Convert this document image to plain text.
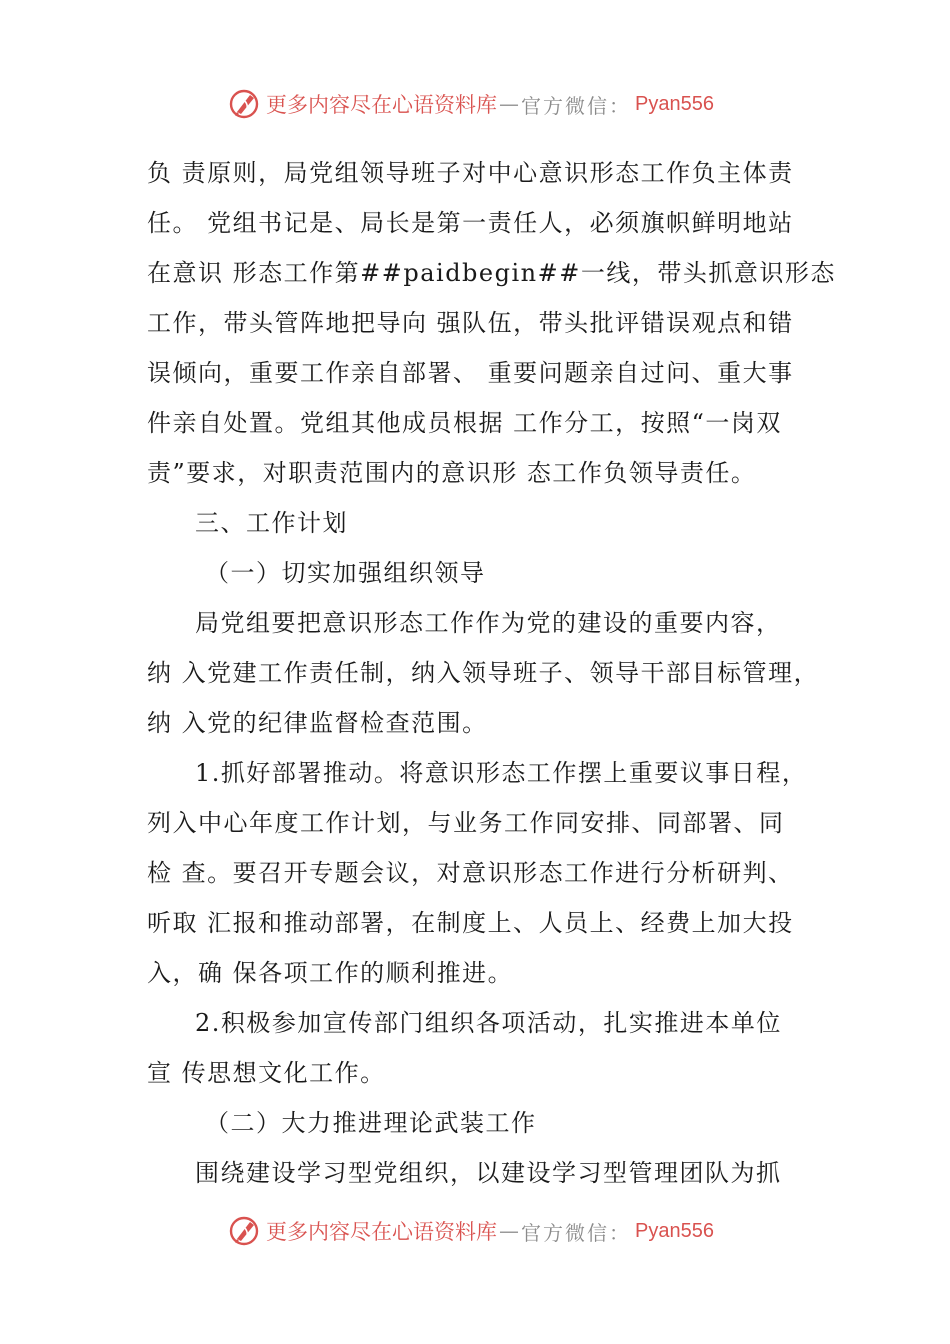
更多内容尽在心语资料库 — 官方微信： Pyan556
负 责原则，局党组领导班子对中心意识形态工作负主体责
任。 党组书记是、局长是第一责任人，必须旗帜鲜明地站
在意识 形态工作第##paidbegin##一线，带头抓意识形态
工作，带头管阵地把导向 强队伍，带头批评错误观点和错
误倾向，重要工作亲自部署、 重要问题亲自过问、重大事
件亲自处置。党组其他成员根据 工作分工，按照“一岗双
责”要求，对职责范围内的意识形 态工作负领导责任。
三、工作计划
（一）切实加强组织领导
局党组要把意识形态工作作为党的建设的重要内容，
纳 入党建工作责任制，纳入领导班子、领导干部目标管理，
纳 入党的纪律监督检查范围。
1.抓好部署推动。将意识形态工作摆上重要议事日程，
列入中心年度工作计划，与业务工作同安排、同部署、同
检 查。要召开专题会议，对意识形态工作进行分析研判、
听取 汇报和推动部署，在制度上、人员上、经费上加大投
入，确 保各项工作的顺利推进。
2.积极参加宣传部门组织各项活动，扎实推进本单位
宣 传思想文化工作。
（二）大力推进理论武装工作
围绕建设学习型党组织，以建设学习型管理团队为抓
更多内容尽在心语资料库 — 官方微信： Pyan556
